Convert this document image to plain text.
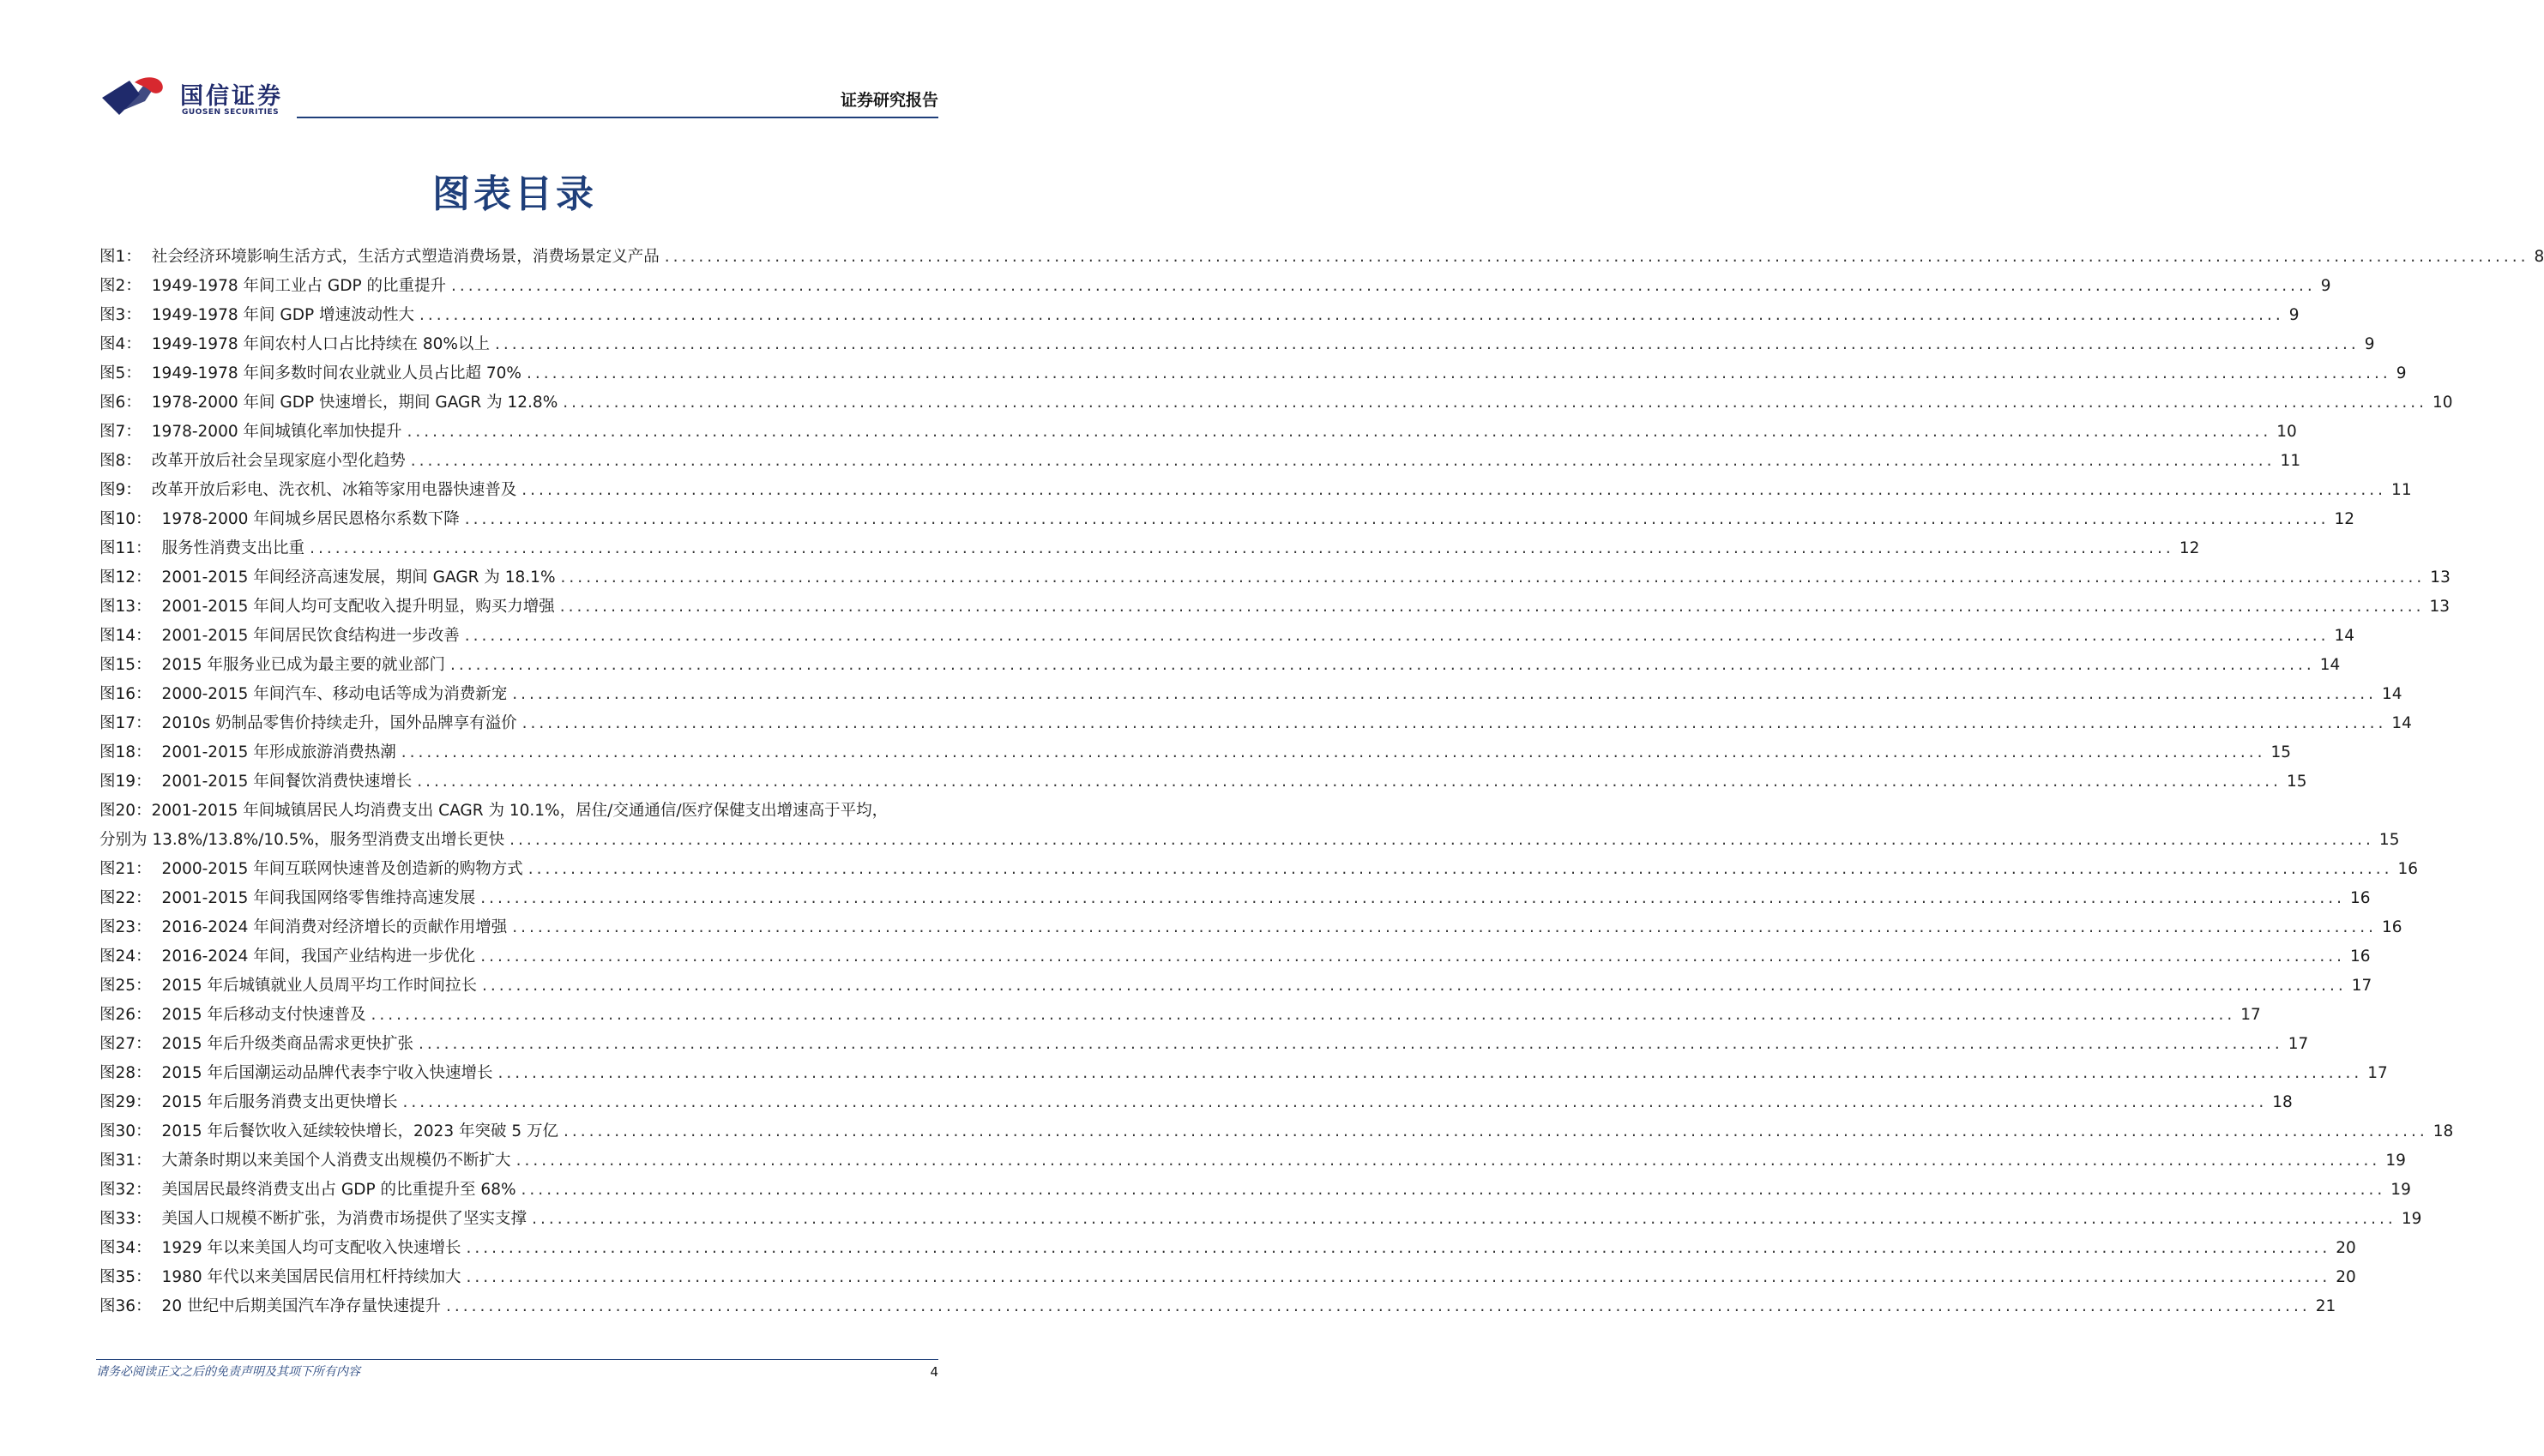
国信证券
GUOSEN SECURITIES
证券研究报告
图表目录
图1： 社会经济环境影响生活方式，生活方式塑造消费场景，消费场景定义产品 ............................................................................................................................................................................................................................ 8
图2： 1949-1978 年间工业占 GDP 的比重提升 ............................................................................................................................................................................................................................ 9
图3： 1949-1978 年间 GDP 增速波动性大 ............................................................................................................................................................................................................................ 9
图4： 1949-1978 年间农村人口占比持续在 80%以上 ............................................................................................................................................................................................................................ 9
图5： 1949-1978 年间多数时间农业就业人员占比超 70% ............................................................................................................................................................................................................................ 9
图6： 1978-2000 年间 GDP 快速增长，期间 GAGR 为 12.8% ............................................................................................................................................................................................................................ 10
图7： 1978-2000 年间城镇化率加快提升 ............................................................................................................................................................................................................................ 10
图8： 改革开放后社会呈现家庭小型化趋势 ............................................................................................................................................................................................................................ 11
图9： 改革开放后彩电、洗衣机、冰箱等家用电器快速普及 ............................................................................................................................................................................................................................ 11
图10： 1978-2000 年间城乡居民恩格尔系数下降 ............................................................................................................................................................................................................................ 12
图11： 服务性消费支出比重 ............................................................................................................................................................................................................................ 12
图12： 2001-2015 年间经济高速发展，期间 GAGR 为 18.1% ............................................................................................................................................................................................................................ 13
图13： 2001-2015 年间人均可支配收入提升明显，购买力增强 ............................................................................................................................................................................................................................ 13
图14： 2001-2015 年间居民饮食结构进一步改善 ............................................................................................................................................................................................................................ 14
图15： 2015 年服务业已成为最主要的就业部门 ............................................................................................................................................................................................................................ 14
图16： 2000-2015 年间汽车、移动电话等成为消费新宠 ............................................................................................................................................................................................................................ 14
图17： 2010s 奶制品零售价持续走升，国外品牌享有溢价 ............................................................................................................................................................................................................................ 14
图18： 2001-2015 年形成旅游消费热潮 ............................................................................................................................................................................................................................ 15
图19： 2001-2015 年间餐饮消费快速增长 ............................................................................................................................................................................................................................ 15
图20：2001-2015 年间城镇居民人均消费支出 CAGR 为 10.1%，居住/交通通信/医疗保健支出增速高于平均，
分别为 13.8%/13.8%/10.5%，服务型消费支出增长更快 ............................................................................................................................................................................................................................ 15
图21： 2000-2015 年间互联网快速普及创造新的购物方式 ............................................................................................................................................................................................................................ 16
图22： 2001-2015 年间我国网络零售维持高速发展 ............................................................................................................................................................................................................................ 16
图23： 2016-2024 年间消费对经济增长的贡献作用增强 ............................................................................................................................................................................................................................ 16
图24： 2016-2024 年间，我国产业结构进一步优化 ............................................................................................................................................................................................................................ 16
图25： 2015 年后城镇就业人员周平均工作时间拉长 ............................................................................................................................................................................................................................ 17
图26： 2015 年后移动支付快速普及 ............................................................................................................................................................................................................................ 17
图27： 2015 年后升级类商品需求更快扩张 ............................................................................................................................................................................................................................ 17
图28： 2015 年后国潮运动品牌代表李宁收入快速增长 ............................................................................................................................................................................................................................ 17
图29： 2015 年后服务消费支出更快增长 ............................................................................................................................................................................................................................ 18
图30： 2015 年后餐饮收入延续较快增长，2023 年突破 5 万亿 ............................................................................................................................................................................................................................ 18
图31： 大萧条时期以来美国个人消费支出规模仍不断扩大 ............................................................................................................................................................................................................................ 19
图32： 美国居民最终消费支出占 GDP 的比重提升至 68% ............................................................................................................................................................................................................................ 19
图33： 美国人口规模不断扩张，为消费市场提供了坚实支撑 ............................................................................................................................................................................................................................ 19
图34： 1929 年以来美国人均可支配收入快速增长 ............................................................................................................................................................................................................................ 20
图35： 1980 年代以来美国居民信用杠杆持续加大 ............................................................................................................................................................................................................................ 20
图36： 20 世纪中后期美国汽车净存量快速提升 ............................................................................................................................................................................................................................ 21
请务必阅读正文之后的免责声明及其项下所有内容	4
